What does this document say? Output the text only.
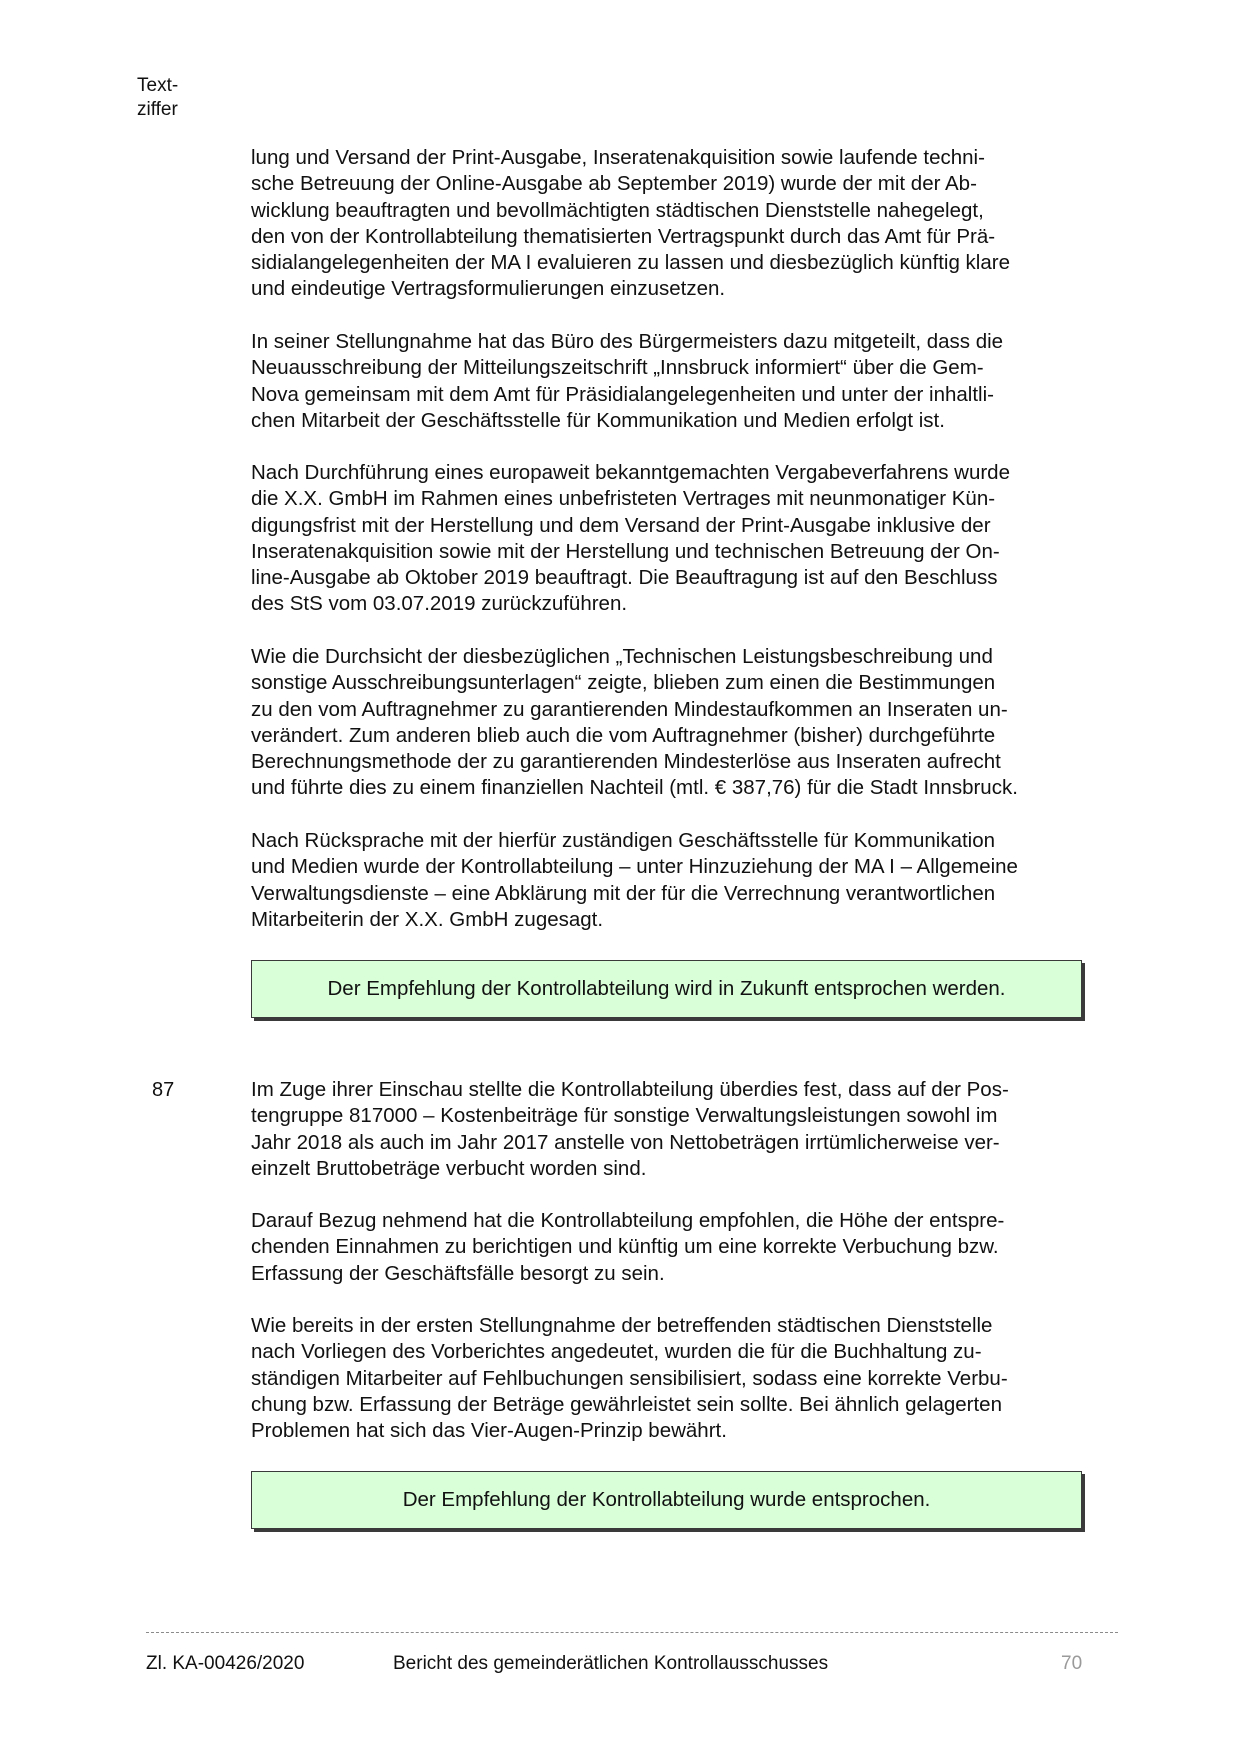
Text-
ziffer

lung und Versand der Print-Ausgabe, Inseratenakquisition sowie laufende techni-
sche Betreuung der Online-Ausgabe ab September 2019) wurde der mit der Ab-
wicklung beauftragten und bevollmächtigten städtischen Dienststelle nahegelegt,
den von der Kontrollabteilung thematisierten Vertragspunkt durch das Amt für Prä-
sidialangelegenheiten der MA I evaluieren zu lassen und diesbezüglich künftig klare
und eindeutige Vertragsformulierungen einzusetzen.

In seiner Stellungnahme hat das Büro des Bürgermeisters dazu mitgeteilt, dass die
Neuausschreibung der Mitteilungszeitschrift „Innsbruck informiert“ über die Gem-
Nova gemeinsam mit dem Amt für Präsidialangelegenheiten und unter der inhaltli-
chen Mitarbeit der Geschäftsstelle für Kommunikation und Medien erfolgt ist.

Nach Durchführung eines europaweit bekanntgemachten Vergabeverfahrens wurde
die X.X. GmbH im Rahmen eines unbefristeten Vertrages mit neunmonatiger Kün-
digungsfrist mit der Herstellung und dem Versand der Print-Ausgabe inklusive der
Inseratenakquisition sowie mit der Herstellung und technischen Betreuung der On-
line-Ausgabe ab Oktober 2019 beauftragt. Die Beauftragung ist auf den Beschluss
des StS vom 03.07.2019 zurückzuführen.

Wie die Durchsicht der diesbezüglichen „Technischen Leistungsbeschreibung und
sonstige Ausschreibungsunterlagen“ zeigte, blieben zum einen die Bestimmungen
zu den vom Auftragnehmer zu garantierenden Mindestaufkommen an Inseraten un-
verändert. Zum anderen blieb auch die vom Auftragnehmer (bisher) durchgeführte
Berechnungsmethode der zu garantierenden Mindesterlöse aus Inseraten aufrecht
und führte dies zu einem finanziellen Nachteil (mtl. € 387,76) für die Stadt Innsbruck.

Nach Rücksprache mit der hierfür zuständigen Geschäftsstelle für Kommunikation
und Medien wurde der Kontrollabteilung – unter Hinzuziehung der MA I – Allgemeine
Verwaltungsdienste – eine Abklärung mit der für die Verrechnung verantwortlichen
Mitarbeiterin der X.X. GmbH zugesagt.

Der Empfehlung der Kontrollabteilung wird in Zukunft entsprochen werden.
87	Im Zuge ihrer Einschau stellte die Kontrollabteilung überdies fest, dass auf der Pos-
tengruppe 817000 – Kostenbeiträge für sonstige Verwaltungsleistungen sowohl im
Jahr 2018 als auch im Jahr 2017 anstelle von Nettobeträgen irrtümlicherweise ver-
einzelt Bruttobeträge verbucht worden sind.

Darauf Bezug nehmend hat die Kontrollabteilung empfohlen, die Höhe der entspre-
chenden Einnahmen zu berichtigen und künftig um eine korrekte Verbuchung bzw.
Erfassung der Geschäftsfälle besorgt zu sein.

Wie bereits in der ersten Stellungnahme der betreffenden städtischen Dienststelle
nach Vorliegen des Vorberichtes angedeutet, wurden die für die Buchhaltung zu-
ständigen Mitarbeiter auf Fehlbuchungen sensibilisiert, sodass eine korrekte Verbu-
chung bzw. Erfassung der Beträge gewährleistet sein sollte. Bei ähnlich gelagerten
Problemen hat sich das Vier-Augen-Prinzip bewährt.

Der Empfehlung der Kontrollabteilung wurde entsprochen.
Zl. KA-00426/2020	Bericht des gemeinderätlichen Kontrollausschusses	70
